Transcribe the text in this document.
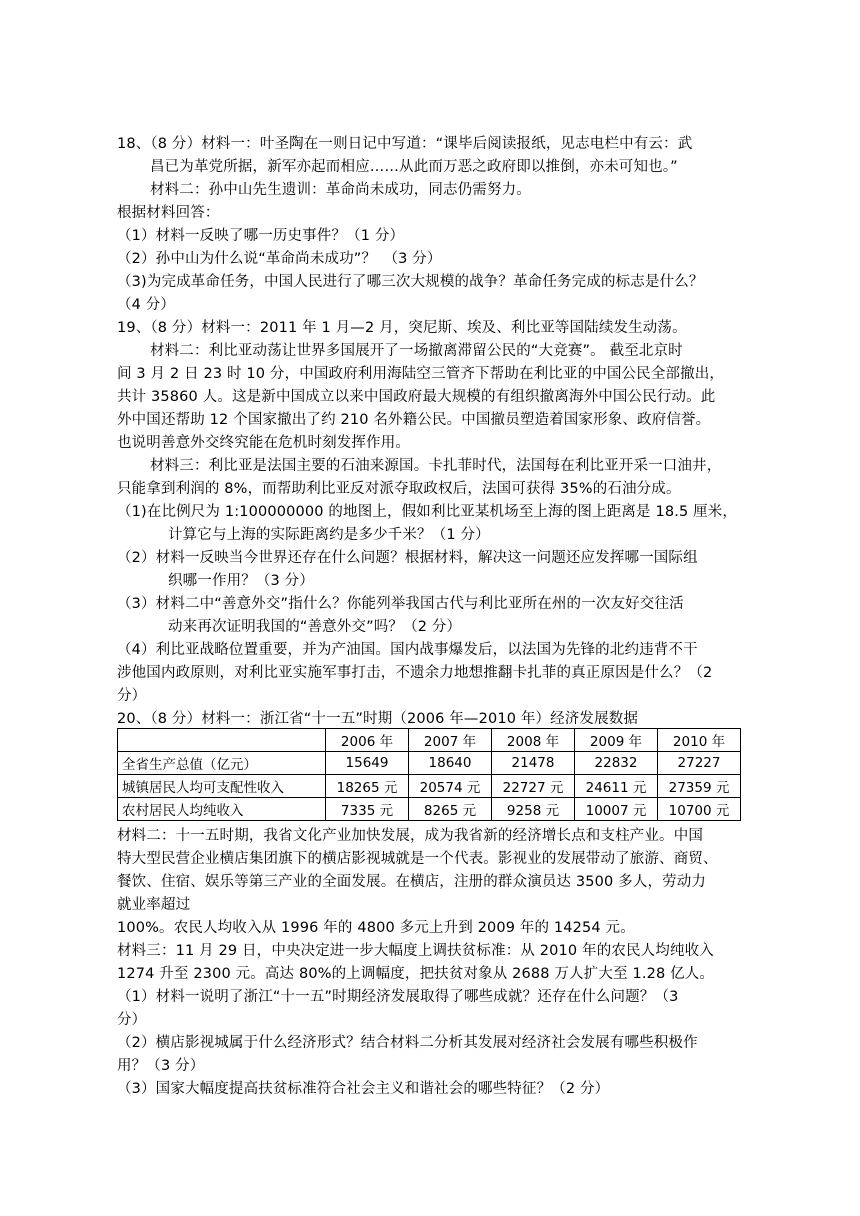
18、（8 分）材料一：叶圣陶在一则日记中写道：“课毕后阅读报纸，见志电栏中有云：武
昌已为革党所据，新军亦起而相应……从此而万恶之政府即以推倒，亦未可知也。”
材料二：孙中山先生遗训：革命尚未成功，同志仍需努力。
根据材料回答：
（1）材料一反映了哪一历史事件？（1 分）
（2）孙中山为什么说“革命尚未成功”？　（3 分）
（3)为完成革命任务，中国人民进行了哪三次大规模的战争？革命任务完成的标志是什么？
（4 分）
19、（8 分）材料一：2011 年 1 月—2 月，突尼斯、埃及、利比亚等国陆续发生动荡。
材料二：利比亚动荡让世界多国展开了一场撤离滞留公民的“大竞赛”。 截至北京时
间 3 月 2 日 23 时 10 分，中国政府利用海陆空三管齐下帮助在利比亚的中国公民全部撤出，
共计 35860 人。这是新中国成立以来中国政府最大规模的有组织撤离海外中国公民行动。此
外中国还帮助 12 个国家撤出了约 210 名外籍公民。中国撤员塑造着国家形象、政府信誉。
也说明善意外交终究能在危机时刻发挥作用。
材料三：利比亚是法国主要的石油来源国。卡扎菲时代，法国每在利比亚开采一口油井，
只能拿到利润的 8%，而帮助利比亚反对派夺取政权后，法国可获得 35%的石油分成。
（1)在比例尺为 1:100000000 的地图上，假如利比亚某机场至上海的图上距离是 18.5 厘米，
计算它与上海的实际距离约是多少千米？（1 分）
（2）材料一反映当今世界还存在什么问题？根据材料，解决这一问题还应发挥哪一国际组
织哪一作用？（3 分）
（3）材料二中“善意外交”指什么？你能列举我国古代与利比亚所在州的一次友好交往活
动来再次证明我国的“善意外交”吗？（2 分）
（4）利比亚战略位置重要，并为产油国。国内战事爆发后，以法国为先锋的北约违背不干
涉他国内政原则，对利比亚实施军事打击，不遗余力地想推翻卡扎菲的真正原因是什么？（2
分）
20、（8 分）材料一：浙江省“十一五”时期（2006 年—2010 年）经济发展数据
	2006 年	2007 年	2008 年	2009 年	2010 年
全省生产总值（亿元）	15649	18640	21478	22832	27227
城镇居民人均可支配性收入	18265 元	20574 元	22727 元	24611 元	27359 元
农村居民人均纯收入	7335 元	8265 元	9258 元	10007 元	10700 元
材料二：十一五时期，我省文化产业加快发展，成为我省新的经济增长点和支柱产业。中国
特大型民营企业横店集团旗下的横店影视城就是一个代表。影视业的发展带动了旅游、商贸、
餐饮、住宿、娱乐等第三产业的全面发展。在横店，注册的群众演员达 3500 多人，劳动力
就业率超过
100%。农民人均收入从 1996 年的 4800 多元上升到 2009 年的 14254 元。
材料三：11 月 29 日，中央决定进一步大幅度上调扶贫标准：从 2010 年的农民人均纯收入
1274 升至 2300 元。高达 80%的上调幅度，把扶贫对象从 2688 万人扩大至 1.28 亿人。
（1）材料一说明了浙江“十一五”时期经济发展取得了哪些成就？还存在什么问题？（3
分）
（2）横店影视城属于什么经济形式？结合材料二分析其发展对经济社会发展有哪些积极作
用？（3 分）
（3）国家大幅度提高扶贫标准符合社会主义和谐社会的哪些特征？（2 分）
